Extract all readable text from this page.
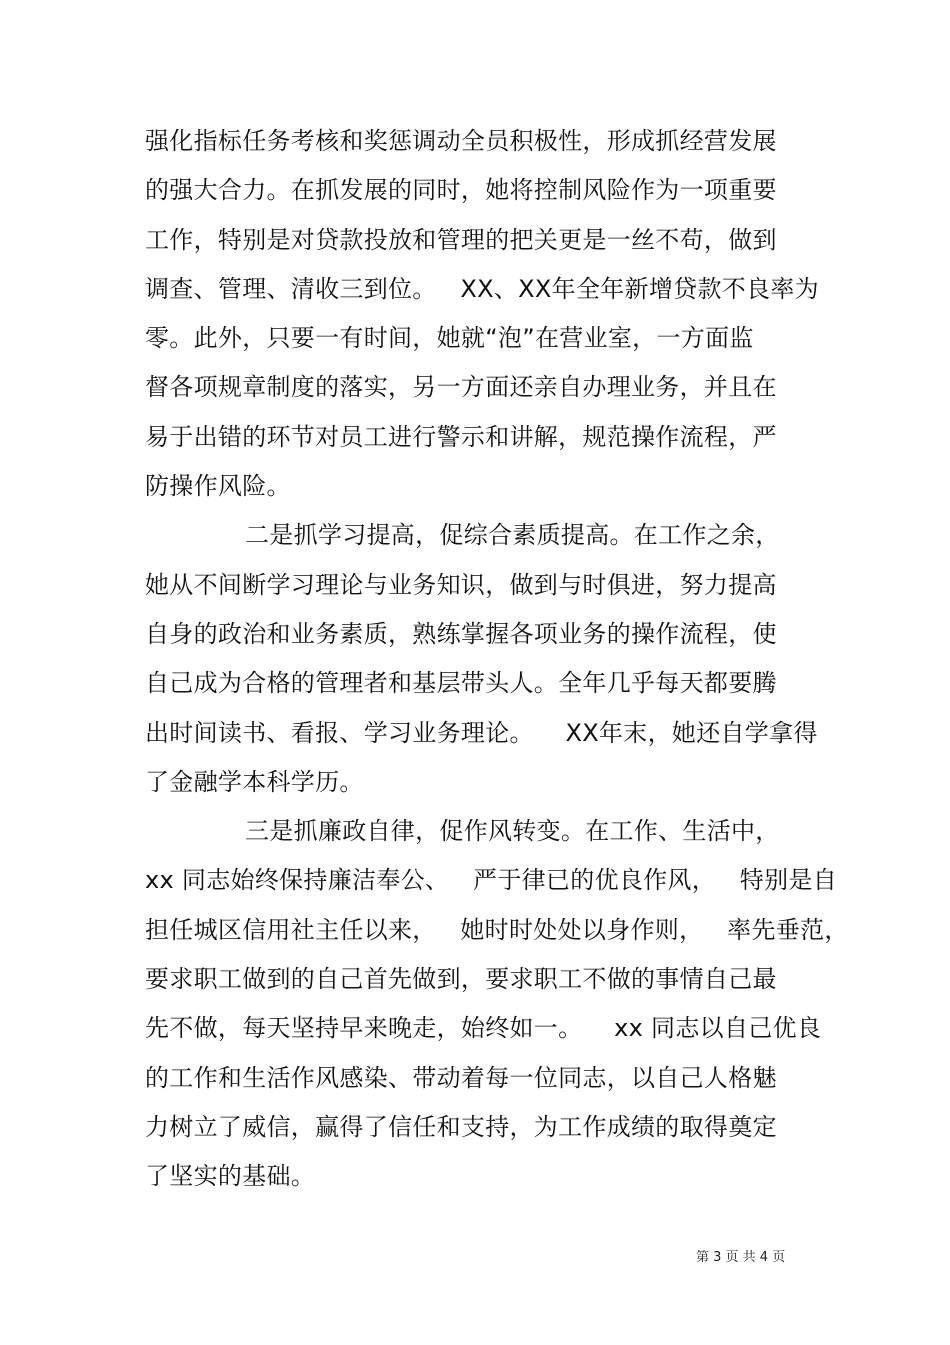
强化指标任务考核和奖惩调动全员积极性，形成抓经营发展
的强大合力。在抓发展的同时，她将控制风险作为一项重要
工作，特别是对贷款投放和管理的把关更是一丝不苟，做到
调查、管理、清收三到位。   XX、XX年全年新增贷款不良率为
零。此外，只要一有时间，她就“泡”在营业室，一方面监
督各项规章制度的落实，另一方面还亲自办理业务，并且在
易于出错的环节对员工进行警示和讲解，规范操作流程，严
防操作风险。
二是抓学习提高，促综合素质提高。在工作之余，
她从不间断学习理论与业务知识，做到与时俱进，努力提高
自身的政治和业务素质，熟练掌握各项业务的操作流程，使
自己成为合格的管理者和基层带头人。全年几乎每天都要腾
出时间读书、看报、学习业务理论。    XX年末，她还自学拿得
了金融学本科学历。
三是抓廉政自律，促作风转变。在工作、生活中，
xx 同志始终保持廉洁奉公、   严于律已的优良作风，   特别是自
担任城区信用社主任以来，   她时时处处以身作则，   率先垂范，
要求职工做到的自己首先做到，要求职工不做的事情自己最
先不做，每天坚持早来晚走，始终如一。    xx 同志以自己优良
的工作和生活作风感染、带动着每一位同志，以自己人格魅
力树立了威信，赢得了信任和支持，为工作成绩的取得奠定
了坚实的基础。
第 3 页 共 4 页
